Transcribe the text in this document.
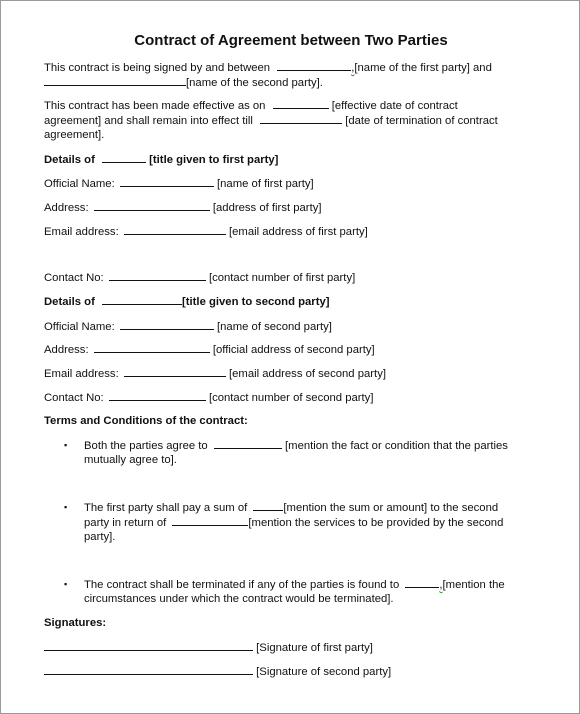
Contract of Agreement between Two Parties
This contract is being signed by and between	,[name of the first party] and
[name of the second party].
This contract has been made effective as on	[effective date of contract
agreement] and shall remain into effect till	[date of termination of contract
agreement].
Details of	[title given to first party]
Official Name:	[name of first party]
Address:	[address of first party]
Email address:	[email address of first party]
Contact No:	[contact number of first party]
Details of	[title given to second party]
Official Name:	[name of second party]
Address:	[official address of second party]
Email address:	[email address of second party]
Contact No:	[contact number of second party]
Terms and Conditions of the contract:
▪ Both the parties agree to	[mention the fact or condition that the parties
mutually agree to].
▪ The first party shall pay a sum of	[mention the sum or amount] to the second
party in return of	[mention the services to be provided by the second
party].
▪ The contract shall be terminated if any of the parties is found to	,[mention the
circumstances under which the contract would be terminated].
Signatures:
[Signature of first party]
[Signature of second party]
